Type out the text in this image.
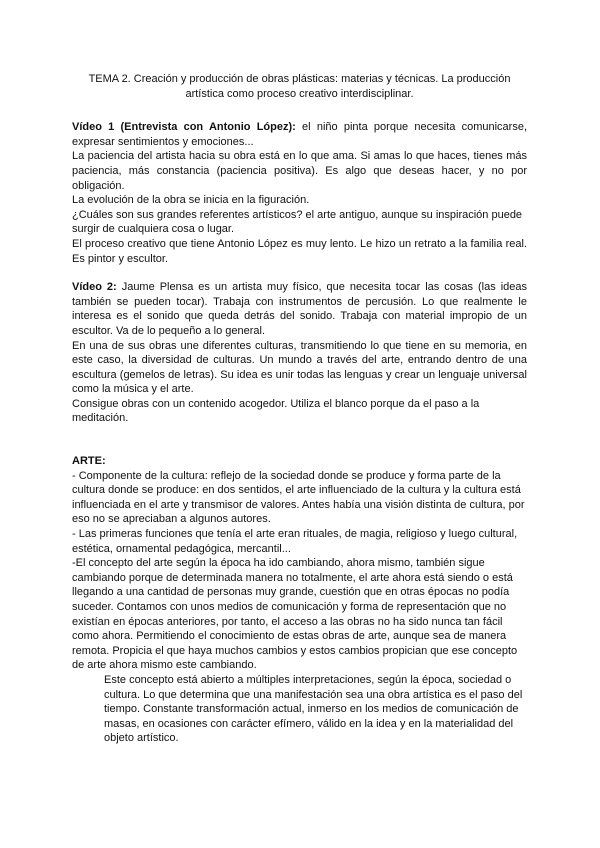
TEMA 2. Creación y producción de obras plásticas: materias y técnicas. La producción artística como proceso creativo interdisciplinar.

Vídeo 1 (Entrevista con Antonio López): el niño pinta porque necesita comunicarse, expresar sentimientos y emociones...

La paciencia del artista hacia su obra está en lo que ama. Si amas lo que haces, tienes más paciencia, más constancia (paciencia positiva). Es algo que deseas hacer, y no por obligación.

La evolución de la obra se inicia en la figuración.

¿Cuáles son sus grandes referentes artísticos? el arte antiguo, aunque su inspiración puede surgir de cualquiera cosa o lugar.

El proceso creativo que tiene Antonio López es muy lento. Le hizo un retrato a la familia real. Es pintor y escultor.

Vídeo 2: Jaume Plensa es un artista muy físico, que necesita tocar las cosas (las ideas también se pueden tocar). Trabaja con instrumentos de percusión. Lo que realmente le interesa es el sonido que queda detrás del sonido. Trabaja con material impropio de un escultor. Va de lo pequeño a lo general.

En una de sus obras une diferentes culturas, transmitiendo lo que tiene en su memoria, en este caso, la diversidad de culturas. Un mundo a través del arte, entrando dentro de una escultura (gemelos de letras). Su idea es unir todas las lenguas y crear un lenguaje universal como la música y el arte.

Consigue obras con un contenido acogedor. Utiliza el blanco porque da el paso a la meditación.

ARTE:

- Componente de la cultura: reflejo de la sociedad donde se produce y forma parte de la cultura donde se produce: en dos sentidos, el arte influenciado de la cultura y la cultura está influenciada en el arte y transmisor de valores. Antes había una visión distinta de cultura, por eso no se apreciaban a algunos autores.

- Las primeras funciones que tenía el arte eran rituales, de magia, religioso y luego cultural, estética, ornamental pedagógica, mercantil...

-El concepto del arte según la época ha ido cambiando, ahora mismo, también sigue cambiando porque de determinada manera no totalmente, el arte ahora está siendo o está llegando a una cantidad de personas muy grande, cuestión que en otras épocas no podía suceder. Contamos con unos medios de comunicación y forma de representación que no existían en épocas anteriores, por tanto, el acceso a las obras no ha sido nunca tan fácil como ahora. Permitiendo el conocimiento de estas obras de arte, aunque sea de manera remota. Propicia el que haya muchos cambios y estos cambios propician que ese concepto de arte ahora mismo este cambiando.

Este concepto está abierto a múltiples interpretaciones, según la época, sociedad o cultura. Lo que determina que una manifestación sea una obra artística es el paso del tiempo. Constante transformación actual, inmerso en los medios de comunicación de masas, en ocasiones con carácter efímero, válido en la idea y en la materialidad del objeto artístico.
